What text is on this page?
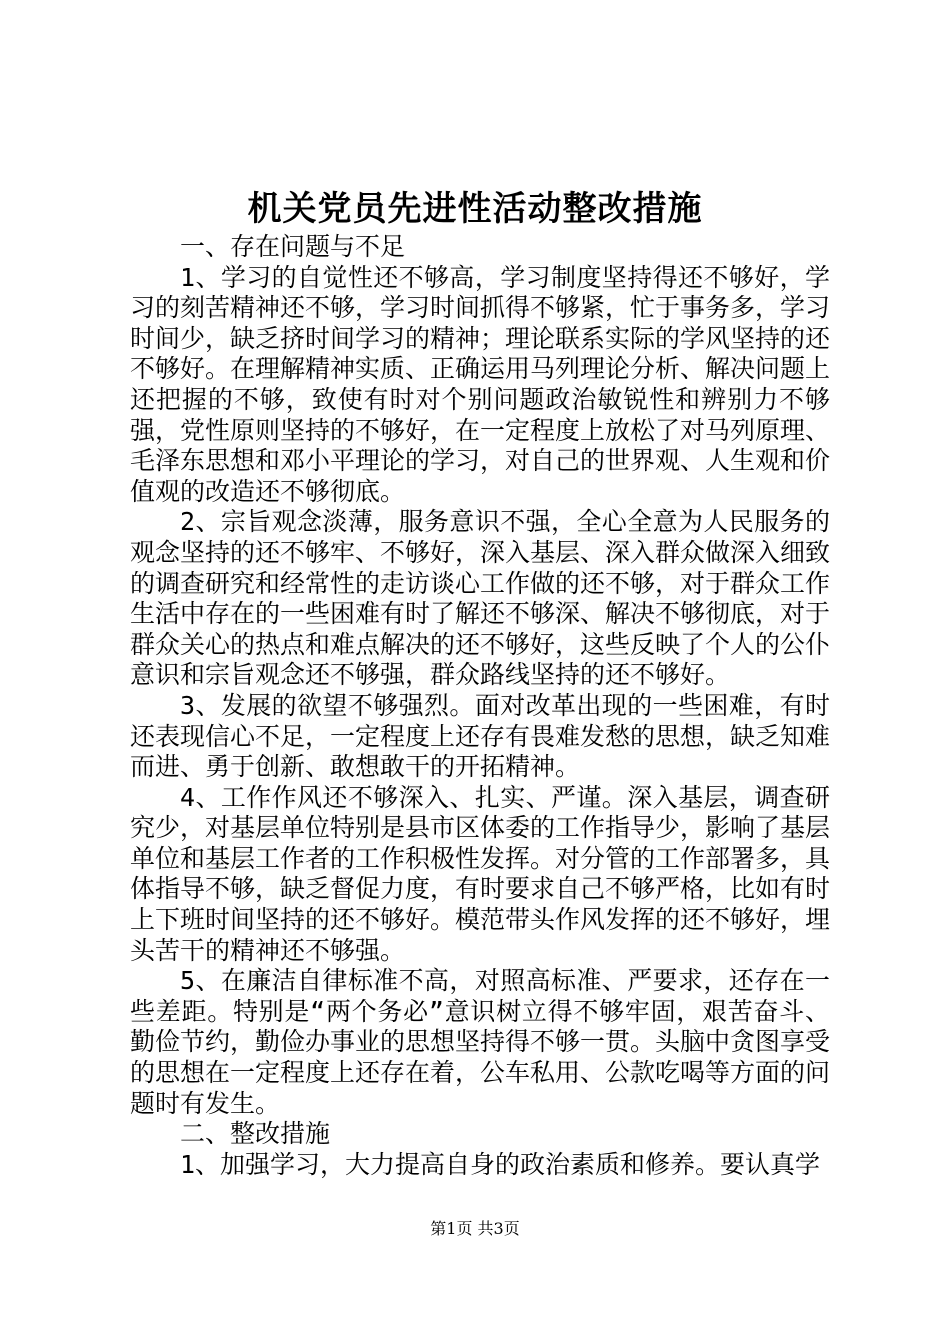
机关党员先进性活动整改措施

一、存在问题与不足

1、学习的自觉性还不够高，学习制度坚持得还不够好，学习的刻苦精神还不够，学习时间抓得不够紧，忙于事务多，学习时间少，缺乏挤时间学习的精神；理论联系实际的学风坚持的还不够好。在理解精神实质、正确运用马列理论分析、解决问题上还把握的不够，致使有时对个别问题政治敏锐性和辨别力不够强，党性原则坚持的不够好，在一定程度上放松了对马列原理、毛泽东思想和邓小平理论的学习，对自己的世界观、人生观和价值观的改造还不够彻底。

2、宗旨观念淡薄，服务意识不强，全心全意为人民服务的观念坚持的还不够牢、不够好，深入基层、深入群众做深入细致的调查研究和经常性的走访谈心工作做的还不够，对于群众工作生活中存在的一些困难有时了解还不够深、解决不够彻底，对于群众关心的热点和难点解决的还不够好，这些反映了个人的公仆意识和宗旨观念还不够强，群众路线坚持的还不够好。

3、发展的欲望不够强烈。面对改革出现的一些困难，有时还表现信心不足，一定程度上还存有畏难发愁的思想，缺乏知难而进、勇于创新、敢想敢干的开拓精神。

4、工作作风还不够深入、扎实、严谨。深入基层，调查研究少，对基层单位特别是县市区体委的工作指导少，影响了基层单位和基层工作者的工作积极性发挥。对分管的工作部署多，具体指导不够，缺乏督促力度，有时要求自己不够严格，比如有时上下班时间坚持的还不够好。模范带头作风发挥的还不够好，埋头苦干的精神还不够强。

5、在廉洁自律标准不高，对照高标准、严要求，还存在一些差距。特别是“两个务必”意识树立得不够牢固，艰苦奋斗、勤俭节约，勤俭办事业的思想坚持得不够一贯。头脑中贪图享受的思想在一定程度上还存在着，公车私用、公款吃喝等方面的问题时有发生。

二、整改措施

1、加强学习，大力提高自身的政治素质和修养。要认真学

第1页 共3页
